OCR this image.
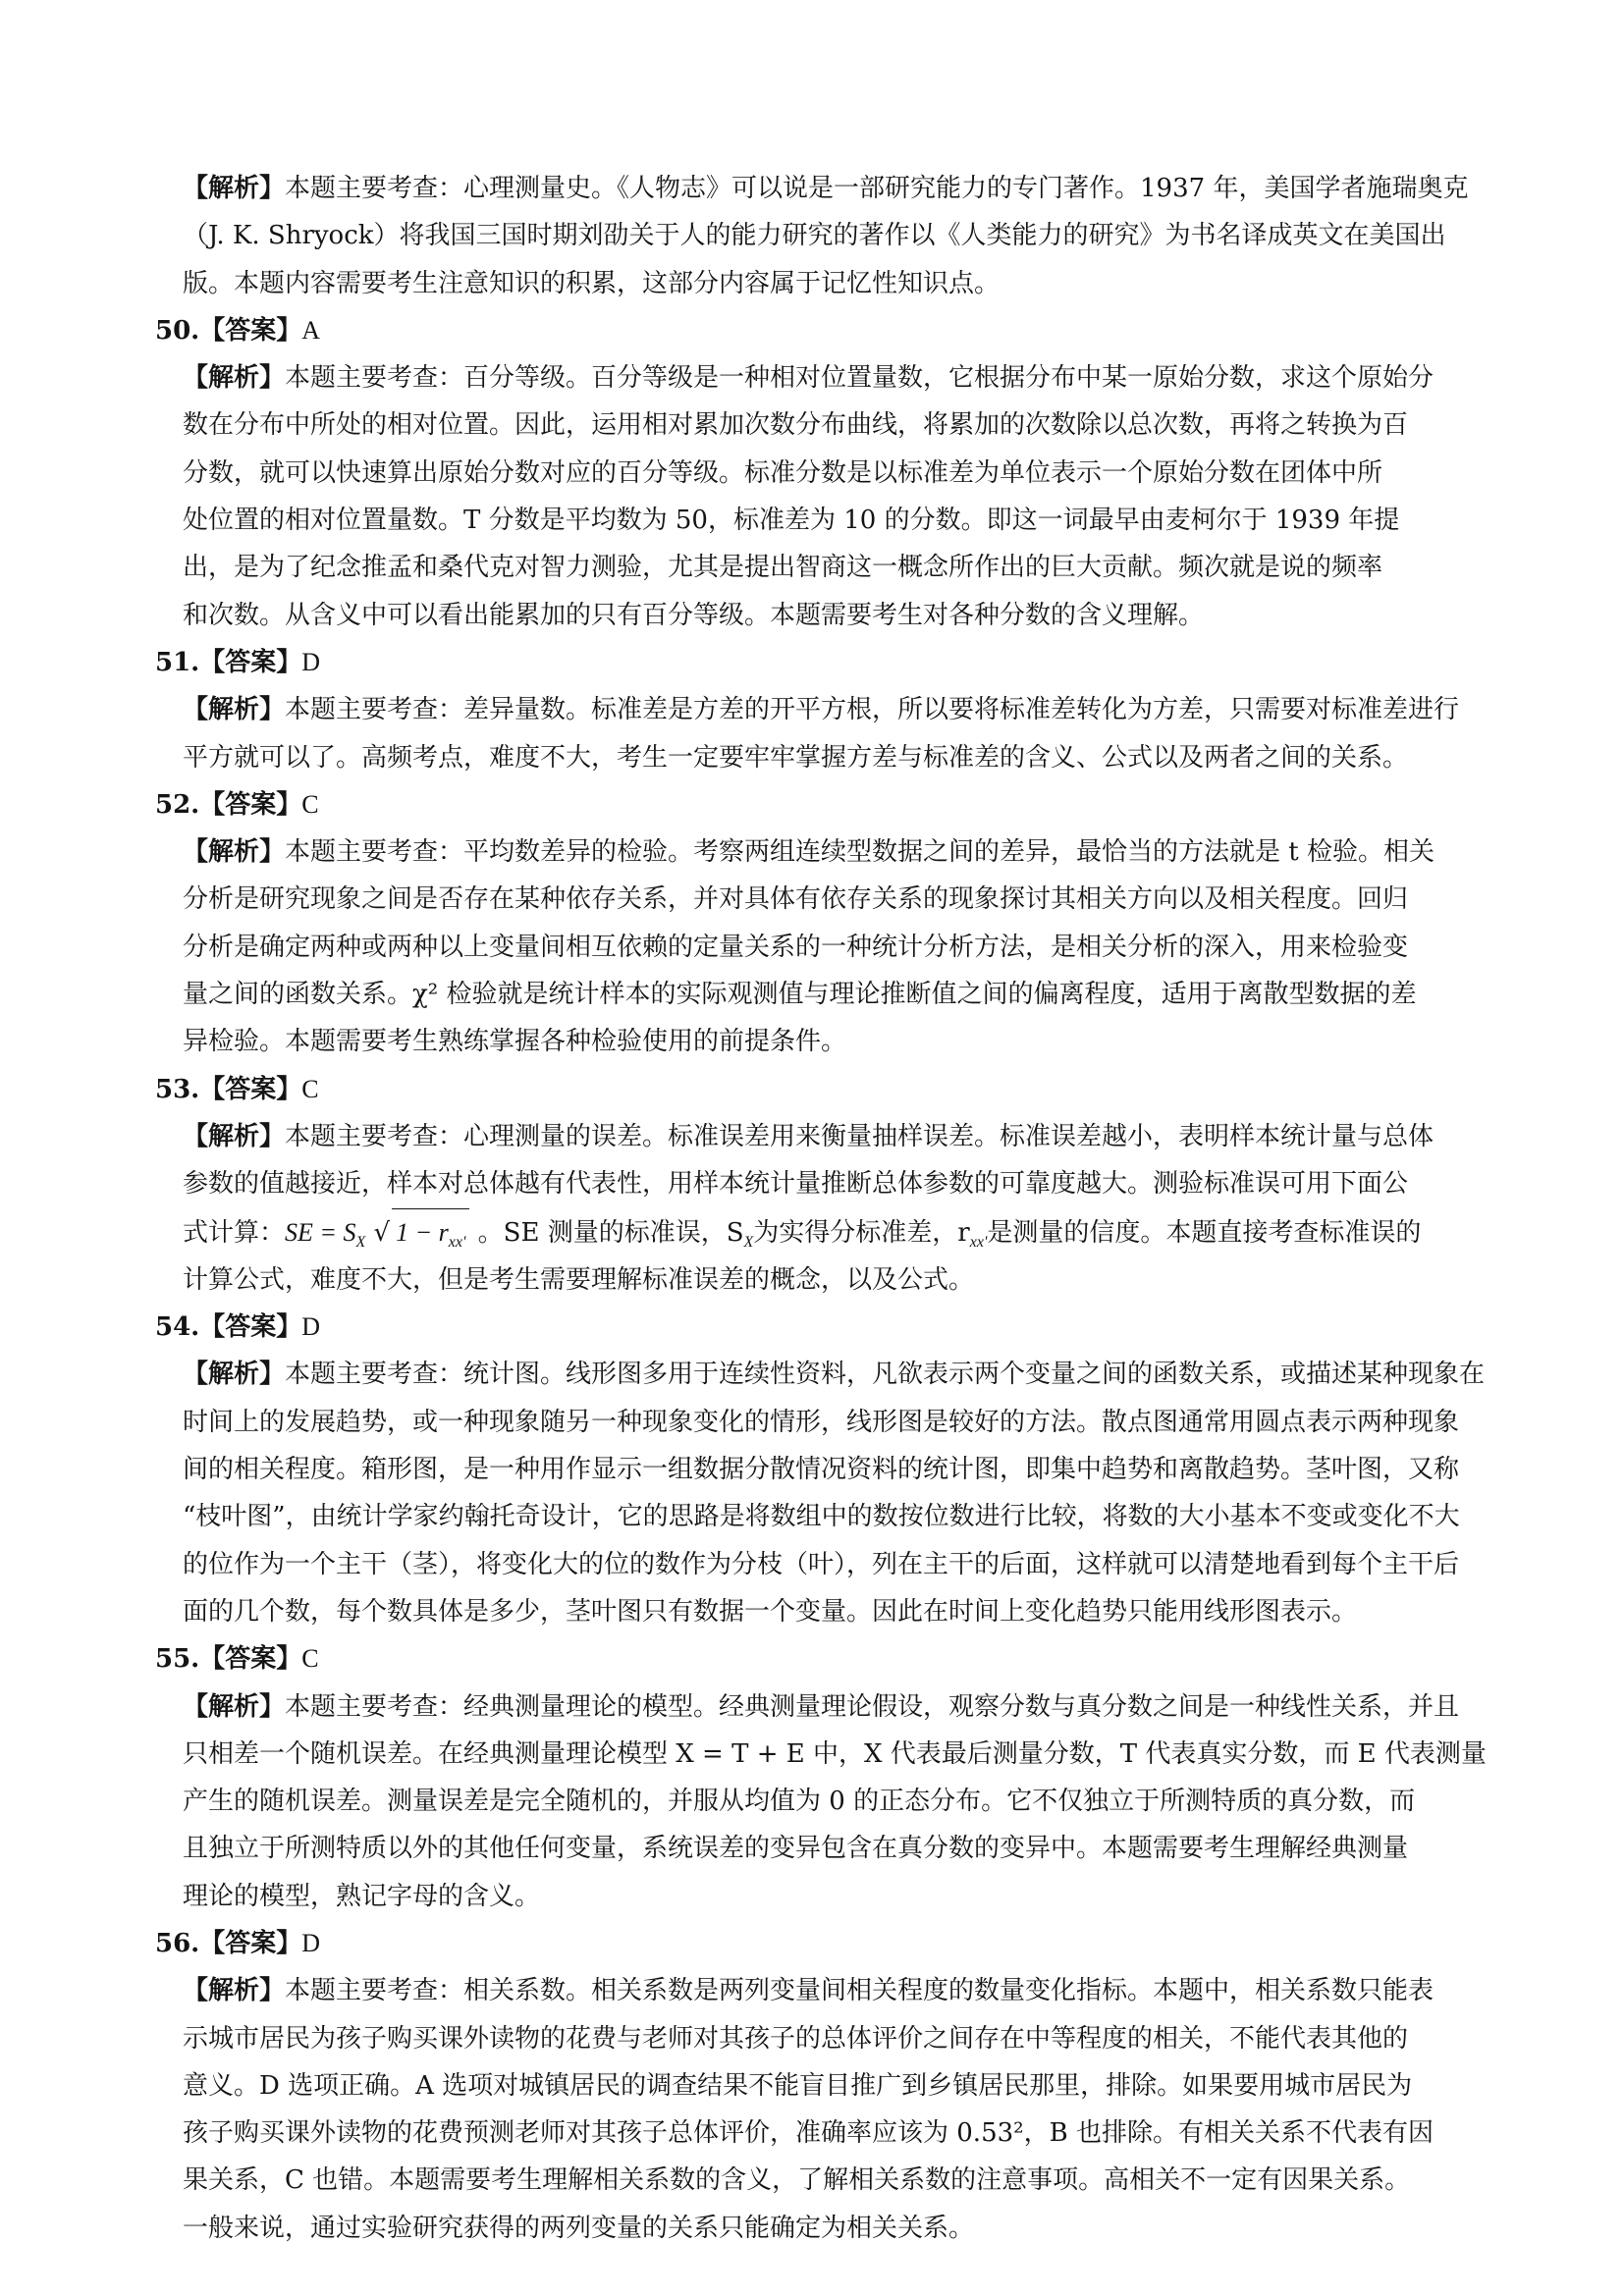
【解析】本题主要考查：心理测量史。《人物志》可以说是一部研究能力的专门著作。1937 年，美国学者施瑞奥克
（J. K. Shryock）将我国三国时期刘劭关于人的能力研究的著作以《人类能力的研究》为书名译成英文在美国出
版。本题内容需要考生注意知识的积累，这部分内容属于记忆性知识点。
50.【答案】A
【解析】本题主要考查：百分等级。百分等级是一种相对位置量数，它根据分布中某一原始分数，求这个原始分
数在分布中所处的相对位置。因此，运用相对累加次数分布曲线，将累加的次数除以总次数，再将之转换为百
分数，就可以快速算出原始分数对应的百分等级。标准分数是以标准差为单位表示一个原始分数在团体中所
处位置的相对位置量数。T 分数是平均数为 50，标准差为 10 的分数。即这一词最早由麦柯尔于 1939 年提
出，是为了纪念推孟和桑代克对智力测验，尤其是提出智商这一概念所作出的巨大贡献。频次就是说的频率
和次数。从含义中可以看出能累加的只有百分等级。本题需要考生对各种分数的含义理解。
51.【答案】D
【解析】本题主要考查：差异量数。标准差是方差的开平方根，所以要将标准差转化为方差，只需要对标准差进行
平方就可以了。高频考点，难度不大，考生一定要牢牢掌握方差与标准差的含义、公式以及两者之间的关系。
52.【答案】C
【解析】本题主要考查：平均数差异的检验。考察两组连续型数据之间的差异，最恰当的方法就是 t 检验。相关
分析是研究现象之间是否存在某种依存关系，并对具体有依存关系的现象探讨其相关方向以及相关程度。回归
分析是确定两种或两种以上变量间相互依赖的定量关系的一种统计分析方法，是相关分析的深入，用来检验变
量之间的函数关系。χ² 检验就是统计样本的实际观测值与理论推断值之间的偏离程度，适用于离散型数据的差
异检验。本题需要考生熟练掌握各种检验使用的前提条件。
53.【答案】C
【解析】本题主要考查：心理测量的误差。标准误差用来衡量抽样误差。标准误差越小，表明样本统计量与总体
参数的值越接近，样本对总体越有代表性，用样本统计量推断总体参数的可靠度越大。测验标准误可用下面公
式计算：SE = $S_X$ √ $1 - r_{xx'}$ 。SE 测量的标准误，$S_X$为实得分标准差，$r_{xx'}$是测量的信度。本题直接考查标准误的
计算公式，难度不大，但是考生需要理解标准误差的概念，以及公式。
54.【答案】D
【解析】本题主要考查：统计图。线形图多用于连续性资料，凡欲表示两个变量之间的函数关系，或描述某种现象在
时间上的发展趋势，或一种现象随另一种现象变化的情形，线形图是较好的方法。散点图通常用圆点表示两种现象
间的相关程度。箱形图，是一种用作显示一组数据分散情况资料的统计图，即集中趋势和离散趋势。茎叶图，又称
“枝叶图”，由统计学家约翰托奇设计，它的思路是将数组中的数按位数进行比较，将数的大小基本不变或变化不大
的位作为一个主干（茎），将变化大的位的数作为分枝（叶），列在主干的后面，这样就可以清楚地看到每个主干后
面的几个数，每个数具体是多少，茎叶图只有数据一个变量。因此在时间上变化趋势只能用线形图表示。
55.【答案】C
【解析】本题主要考查：经典测量理论的模型。经典测量理论假设，观察分数与真分数之间是一种线性关系，并且
只相差一个随机误差。在经典测量理论模型 X = T + E 中，X 代表最后测量分数，T 代表真实分数，而 E 代表测量
产生的随机误差。测量误差是完全随机的，并服从均值为 0 的正态分布。它不仅独立于所测特质的真分数，而
且独立于所测特质以外的其他任何变量，系统误差的变异包含在真分数的变异中。本题需要考生理解经典测量
理论的模型，熟记字母的含义。
56.【答案】D
【解析】本题主要考查：相关系数。相关系数是两列变量间相关程度的数量变化指标。本题中，相关系数只能表
示城市居民为孩子购买课外读物的花费与老师对其孩子的总体评价之间存在中等程度的相关，不能代表其他的
意义。D 选项正确。A 选项对城镇居民的调查结果不能盲目推广到乡镇居民那里，排除。如果要用城市居民为
孩子购买课外读物的花费预测老师对其孩子总体评价，准确率应该为 0.53²，B 也排除。有相关关系不代表有因
果关系，C 也错。本题需要考生理解相关系数的含义，了解相关系数的注意事项。高相关不一定有因果关系。
一般来说，通过实验研究获得的两列变量的关系只能确定为相关关系。
